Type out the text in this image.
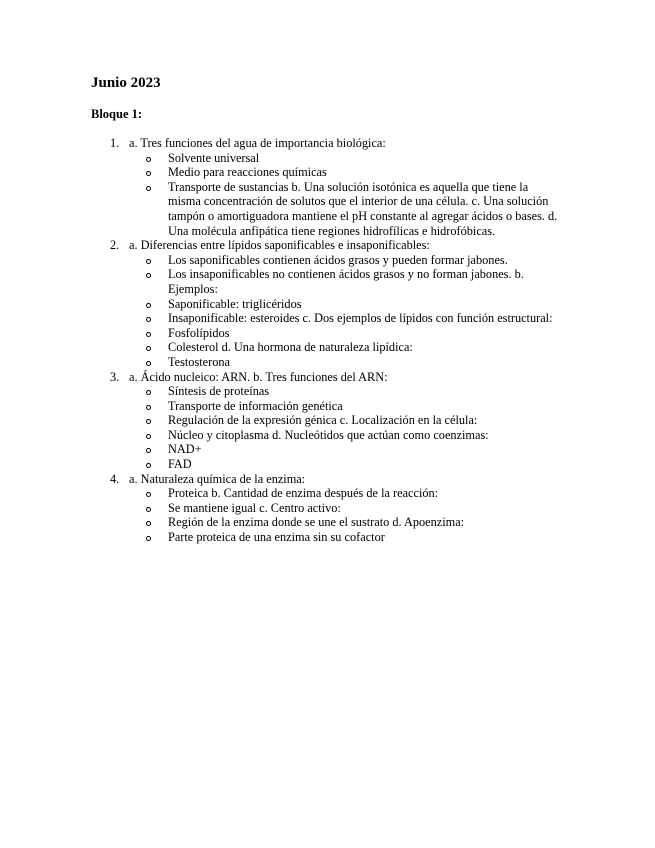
Junio 2023
Bloque 1:
1. a. Tres funciones del agua de importancia biológica:
Solvente universal
Medio para reacciones químicas
Transporte de sustancias b. Una solución isotónica es aquella que tiene la misma concentración de solutos que el interior de una célula. c. Una solución tampón o amortiguadora mantiene el pH constante al agregar ácidos o bases. d. Una molécula anfipática tiene regiones hidrofílicas e hidrofóbicas.
2. a. Diferencias entre lípidos saponificables e insaponificables:
Los saponificables contienen ácidos grasos y pueden formar jabones.
Los insaponificables no contienen ácidos grasos y no forman jabones. b. Ejemplos:
Saponificable: triglicéridos
Insaponificable: esteroides c. Dos ejemplos de lípidos con función estructural:
Fosfolípidos
Colesterol d. Una hormona de naturaleza lipídica:
Testosterona
3. a. Ácido nucleico: ARN. b. Tres funciones del ARN:
Síntesis de proteínas
Transporte de información genética
Regulación de la expresión génica c. Localización en la célula:
Núcleo y citoplasma d. Nucleótidos que actúan como coenzimas:
NAD+
FAD
4. a. Naturaleza química de la enzima:
Proteica b. Cantidad de enzima después de la reacción:
Se mantiene igual c. Centro activo:
Región de la enzima donde se une el sustrato d. Apoenzima:
Parte proteica de una enzima sin su cofactor
